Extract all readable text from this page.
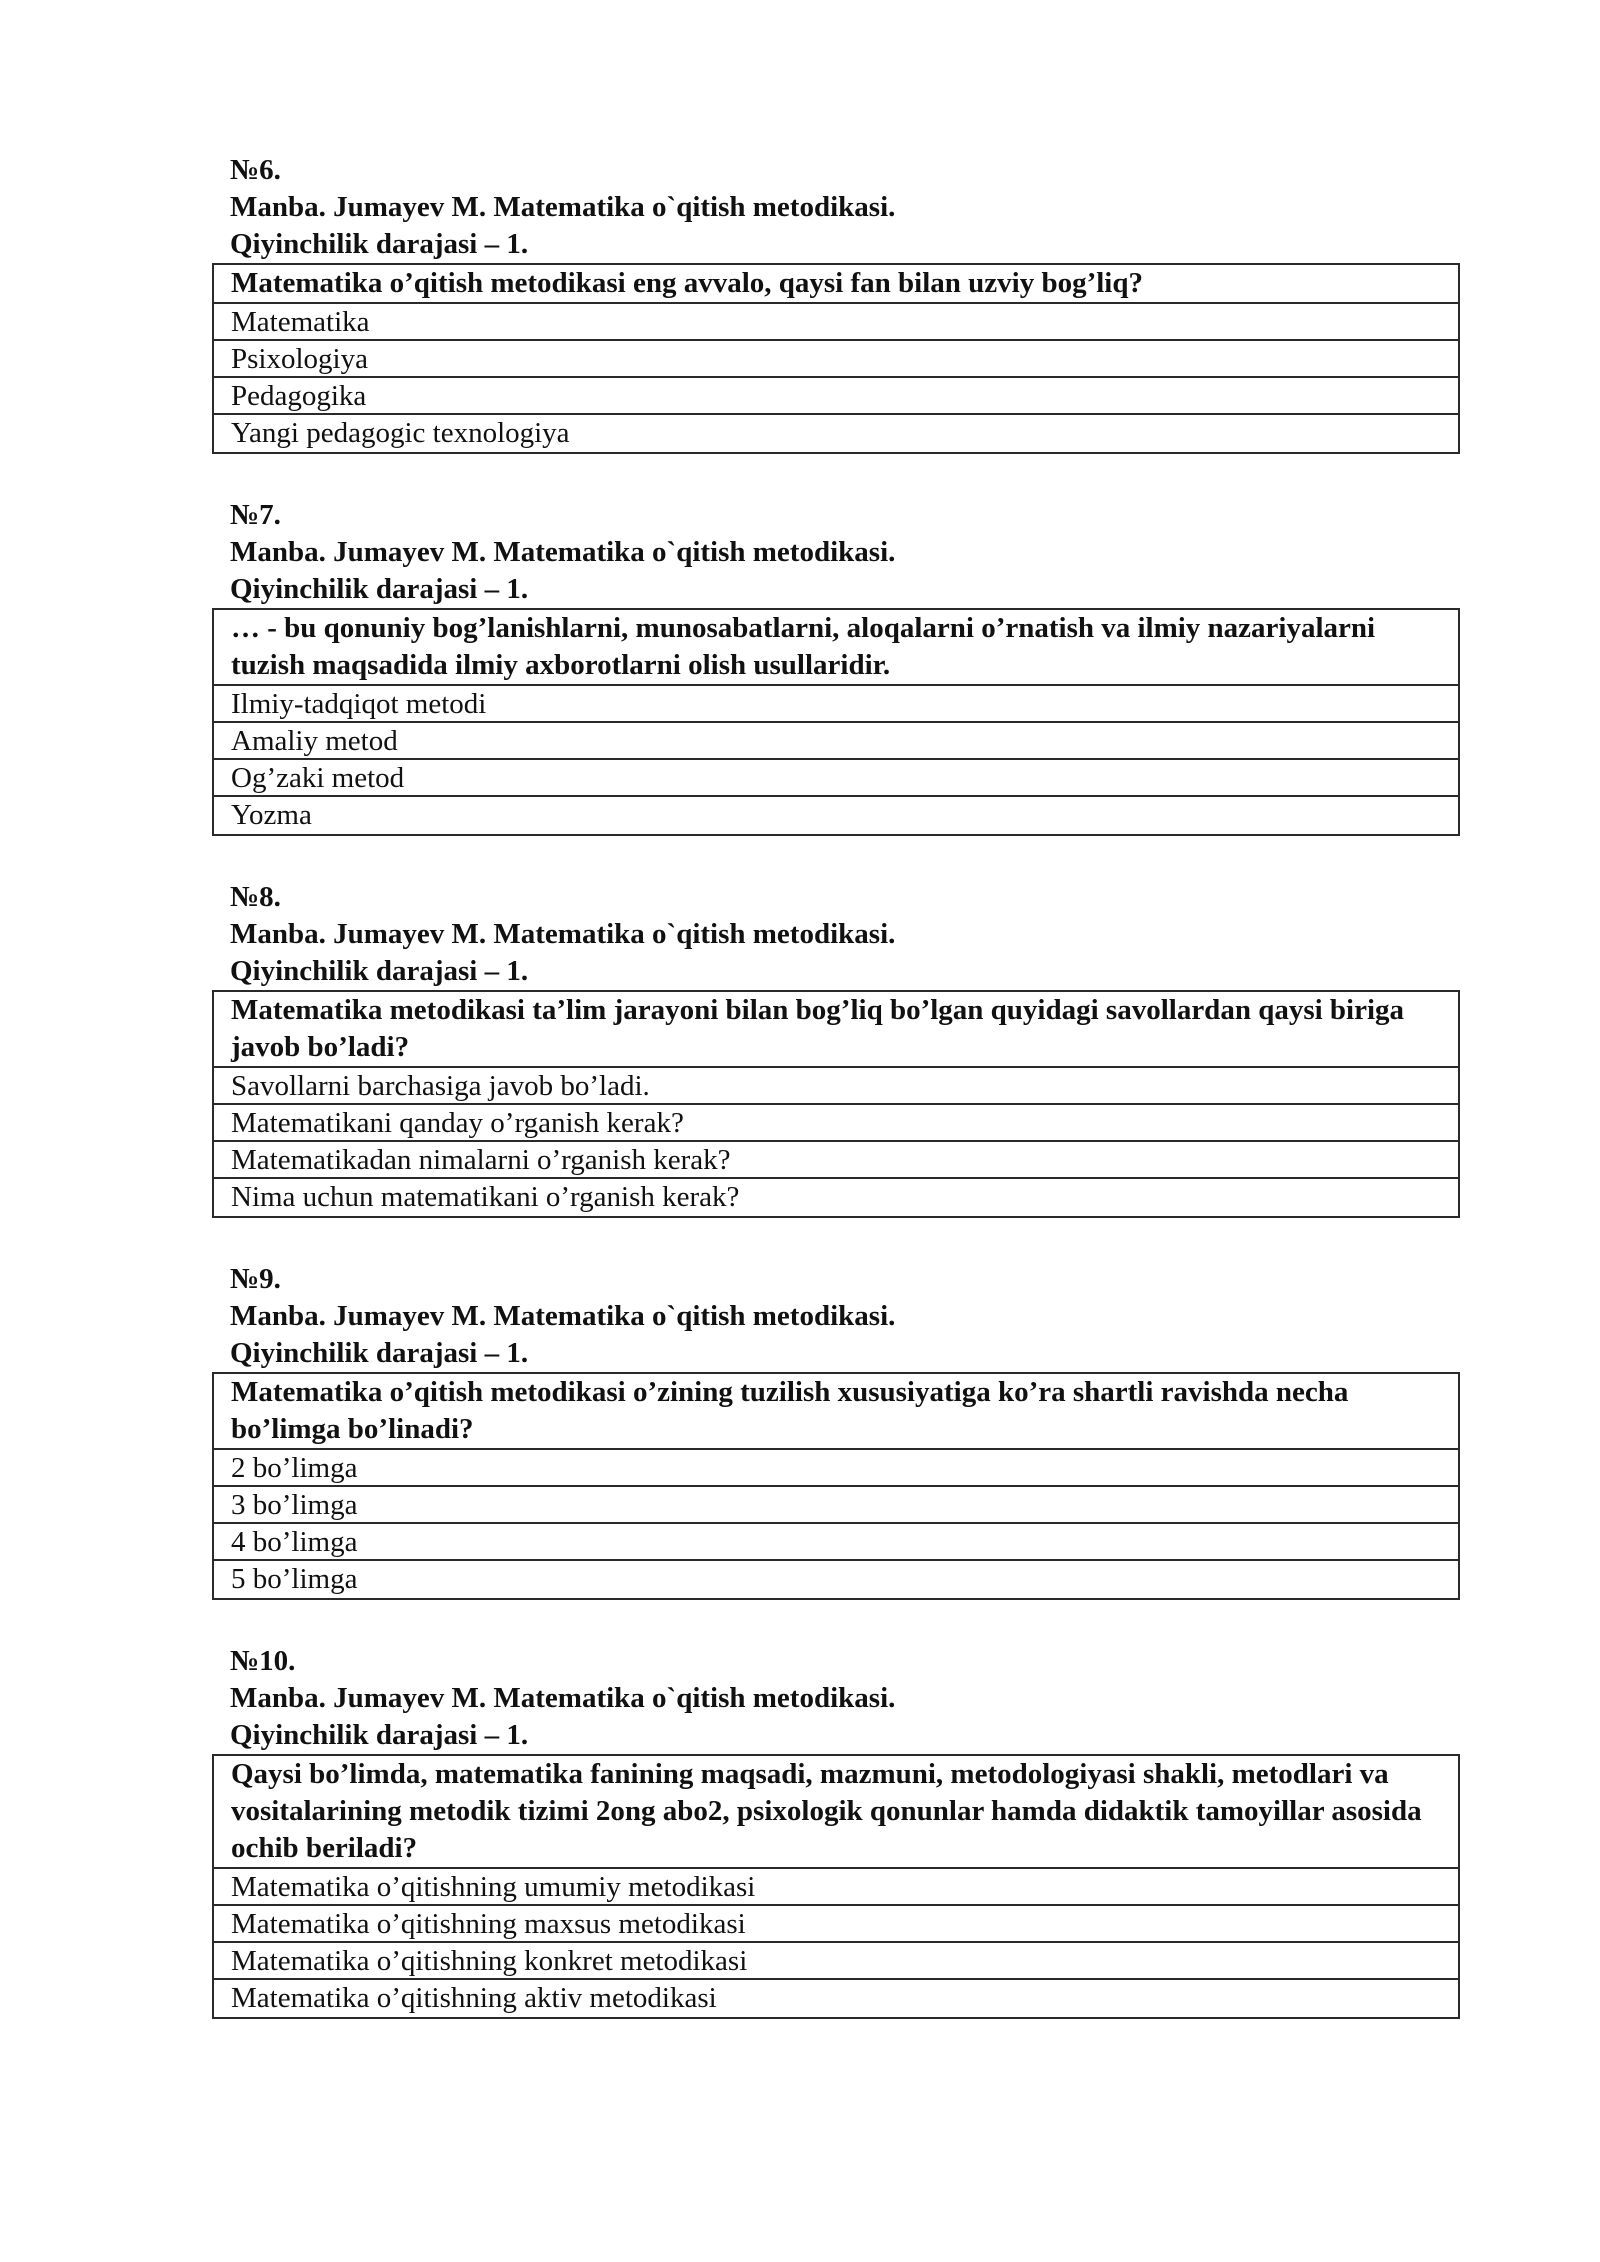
№6.
Manba. Jumayev M. Matematika o`qitish metodikasi.
Qiyinchilik darajasi – 1.
Matematika o’qitish metodikasi eng avvalo, qaysi fan bilan uzviy bog’liq?
Matematika
Psixologiya
Pedagogika
Yangi pedagogic texnologiya
№7.
Manba. Jumayev M. Matematika o`qitish metodikasi.
Qiyinchilik darajasi – 1.
… - bu qonuniy bog’lanishlarni, munosabatlarni, aloqalarni o’rnatish va ilmiy nazariyalarni tuzish maqsadida ilmiy axborotlarni olish usullaridir.
Ilmiy-tadqiqot metodi
Amaliy metod
Og’zaki metod
Yozma
№8.
Manba. Jumayev M. Matematika o`qitish metodikasi.
Qiyinchilik darajasi – 1.
Matematika metodikasi ta’lim jarayoni bilan bog’liq bo’lgan quyidagi savollardan qaysi biriga javob bo’ladi?
Savollarni barchasiga javob bo’ladi.
Matematikani qanday o’rganish kerak?
Matematikadan nimalarni o’rganish kerak?
Nima uchun matematikani o’rganish kerak?
№9.
Manba. Jumayev M. Matematika o`qitish metodikasi.
Qiyinchilik darajasi – 1.
Matematika o’qitish metodikasi o’zining tuzilish xususiyatiga ko’ra shartli ravishda necha bo’limga bo’linadi?
2 bo’limga
3 bo’limga
4 bo’limga
5 bo’limga
№10.
Manba. Jumayev M. Matematika o`qitish metodikasi.
Qiyinchilik darajasi – 1.
Qaysi bo’limda, matematika fanining maqsadi, mazmuni, metodologiyasi shakli, metodlari va vositalarining metodik tizimi 2ong abo2, psixologik qonunlar hamda didaktik tamoyillar asosida ochib beriladi?
Matematika o’qitishning umumiy metodikasi
Matematika o’qitishning maxsus metodikasi
Matematika o’qitishning konkret metodikasi
Matematika o’qitishning aktiv metodikasi
